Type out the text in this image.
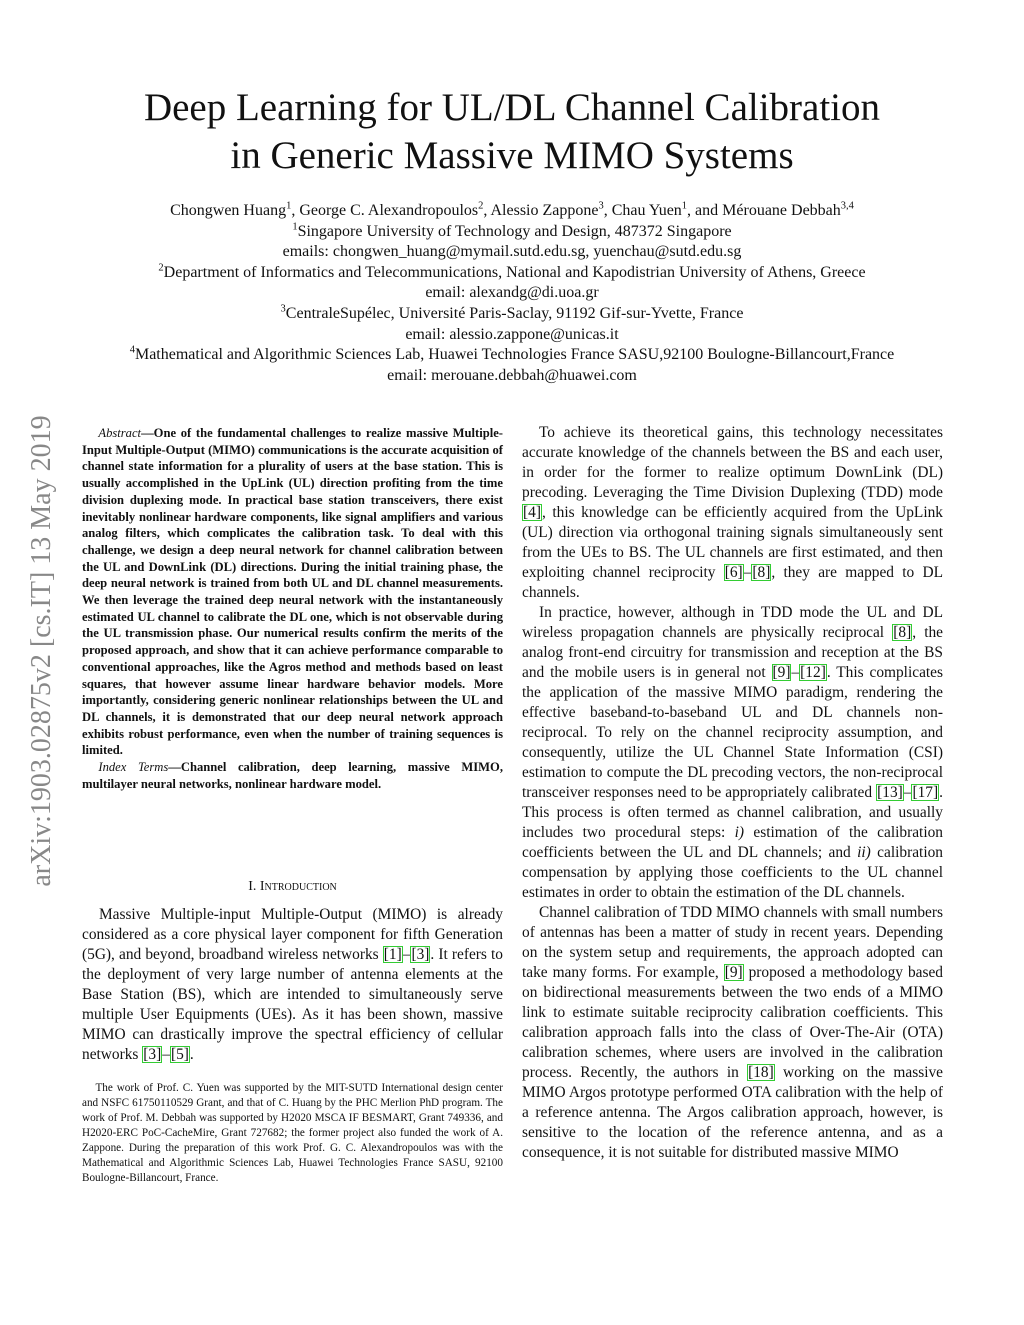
arXiv:1903.02875v2 [cs.IT] 13 May 2019
Deep Learning for UL/DL Channel Calibration
in Generic Massive MIMO Systems
Chongwen Huang$^1$, George C. Alexandropoulos$^2$, Alessio Zappone$^3$, Chau Yuen$^1$, and Mérouane Debbah$^{3,4}$
$^1$Singapore University of Technology and Design, 487372 Singapore
emails: chongwen_huang@mymail.sutd.edu.sg, yuenchau@sutd.edu.sg
$^2$Department of Informatics and Telecommunications, National and Kapodistrian University of Athens, Greece
email: alexandg@di.uoa.gr
$^3$CentraleSupélec, Université Paris-Saclay, 91192 Gif-sur-Yvette, France
email: alessio.zappone@unicas.it
$^4$Mathematical and Algorithmic Sciences Lab, Huawei Technologies France SASU,92100 Boulogne-Billancourt,France
email: merouane.debbah@huawei.com

Abstract—One of the fundamental challenges to realize massive Multiple-Input Multiple-Output (MIMO) communications is the accurate acquisition of channel state information for a plurality of users at the base station. This is usually accomplished in the UpLink (UL) direction profiting from the time division duplexing mode. In practical base station transceivers, there exist inevitably nonlinear hardware components, like signal amplifiers and various analog filters, which complicates the calibration task. To deal with this challenge, we design a deep neural network for channel calibration between the UL and DownLink (DL) directions. During the initial training phase, the deep neural network is trained from both UL and DL channel measurements. We then leverage the trained deep neural network with the instantaneously estimated UL channel to calibrate the DL one, which is not observable during the UL transmission phase. Our numerical results confirm the merits of the proposed approach, and show that it can achieve performance comparable to conventional approaches, like the Agros method and methods based on least squares, that however assume linear hardware behavior models. More importantly, considering generic nonlinear relationships between the UL and DL channels, it is demonstrated that our deep neural network approach exhibits robust performance, even when the number of training sequences is limited.

Index Terms—Channel calibration, deep learning, massive MIMO, multilayer neural networks, nonlinear hardware model.

I. Introduction

Massive Multiple-input Multiple-Output (MIMO) is already considered as a core physical layer component for fifth Generation (5G), and beyond, broadband wireless networks [1]–[3]. It refers to the deployment of very large number of antenna elements at the Base Station (BS), which are intended to simultaneously serve multiple User Equipments (UEs). As it has been shown, massive MIMO can drastically improve the spectral efficiency of cellular networks [3]–[5].

The work of Prof. C. Yuen was supported by the MIT-SUTD International design center and NSFC 61750110529 Grant, and that of C. Huang by the PHC Merlion PhD program. The work of Prof. M. Debbah was supported by H2020 MSCA IF BESMART, Grant 749336, and H2020-ERC PoC-CacheMire, Grant 727682; the former project also funded the work of A. Zappone. During the preparation of this work Prof. G. C. Alexandropoulos was with the Mathematical and Algorithmic Sciences Lab, Huawei Technologies France SASU, 92100 Boulogne-Billancourt, France.

To achieve its theoretical gains, this technology necessitates accurate knowledge of the channels between the BS and each user, in order for the former to realize optimum DownLink (DL) precoding. Leveraging the Time Division Duplexing (TDD) mode [4], this knowledge can be efficiently acquired from the UpLink (UL) direction via orthogonal training signals simultaneously sent from the UEs to BS. The UL channels are first estimated, and then exploiting channel reciprocity [6]–[8], they are mapped to DL channels.

In practice, however, although in TDD mode the UL and DL wireless propagation channels are physically reciprocal [8], the analog front-end circuitry for transmission and reception at the BS and the mobile users is in general not [9]–[12]. This complicates the application of the massive MIMO paradigm, rendering the effective baseband-to-baseband UL and DL channels non-reciprocal. To rely on the channel reciprocity assumption, and consequently, utilize the UL Channel State Information (CSI) estimation to compute the DL precoding vectors, the non-reciprocal transceiver responses need to be appropriately calibrated [13]–[17]. This process is often termed as channel calibration, and usually includes two procedural steps: i) estimation of the calibration coefficients between the UL and DL channels; and ii) calibration compensation by applying those coefficients to the UL channel estimates in order to obtain the estimation of the DL channels.

Channel calibration of TDD MIMO channels with small numbers of antennas has been a matter of study in recent years. Depending on the system setup and requirements, the approach adopted can take many forms. For example, [9] proposed a methodology based on bidirectional measurements between the two ends of a MIMO link to estimate suitable reciprocity calibration coefficients. This calibration approach falls into the class of Over-The-Air (OTA) calibration schemes, where users are involved in the calibration process. Recently, the authors in [18] working on the massive MIMO Argos prototype performed OTA calibration with the help of a reference antenna. The Argos calibration approach, however, is sensitive to the location of the reference antenna, and as a consequence, it is not suitable for distributed massive MIMO
